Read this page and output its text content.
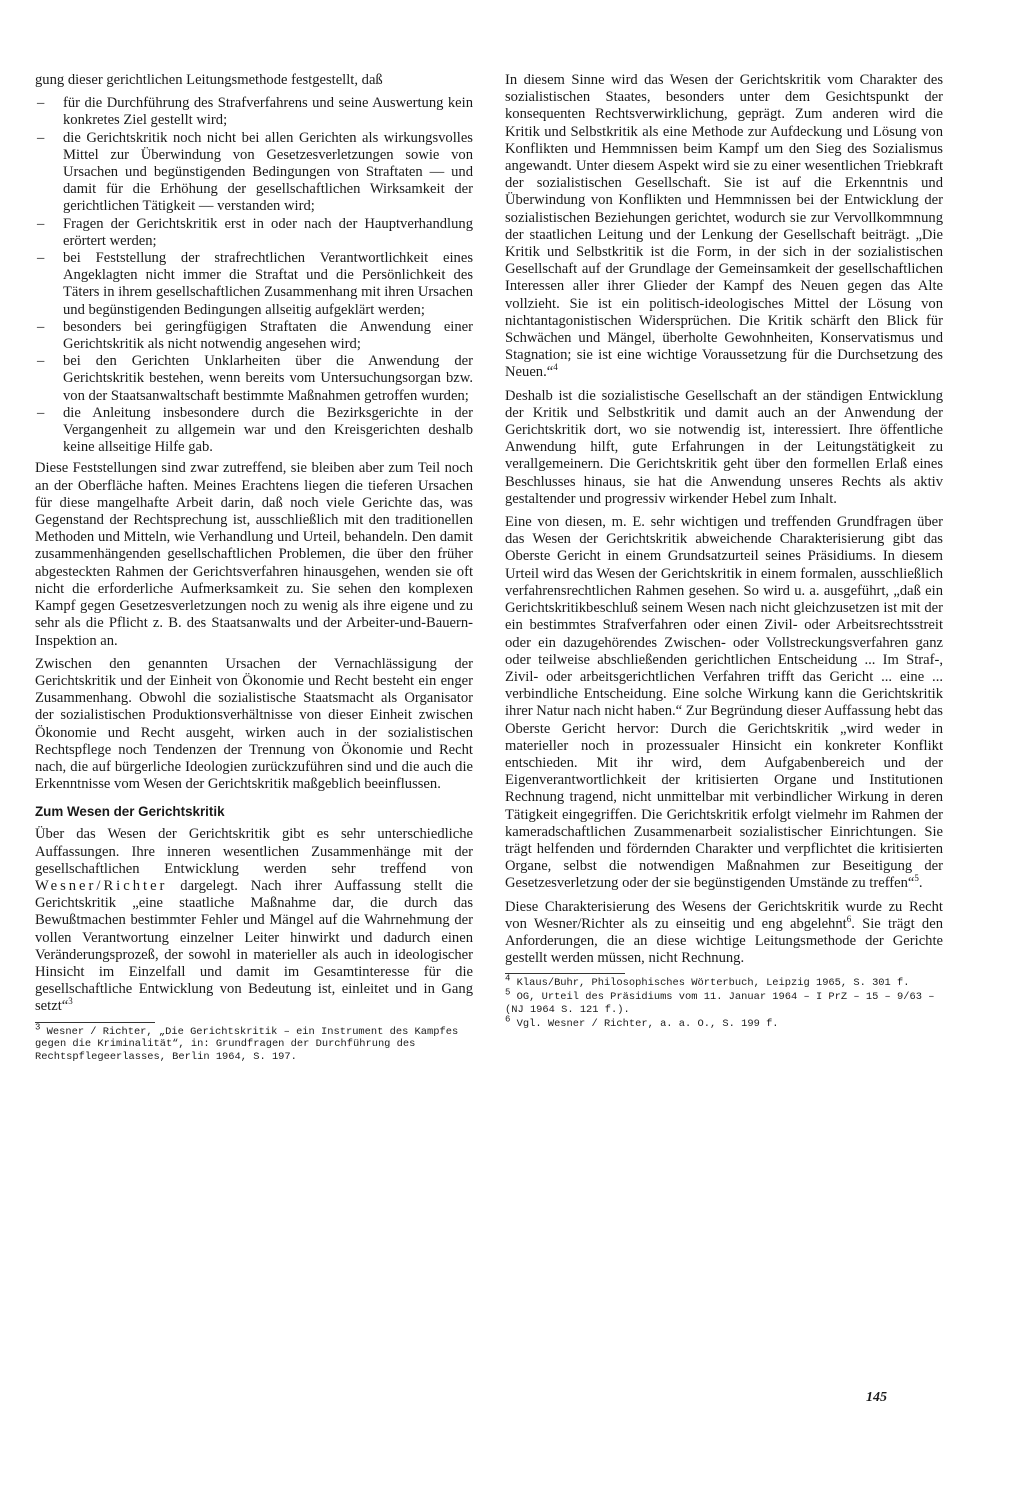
gung dieser gerichtlichen Leitungsmethode festgestellt, daß

– für die Durchführung des Strafverfahrens und seine Auswertung kein konkretes Ziel gestellt wird;
– die Gerichtskritik noch nicht bei allen Gerichten als wirkungsvolles Mittel zur Überwindung von Gesetzesverletzungen sowie von Ursachen und begünstigenden Bedingungen von Straftaten — und damit für die Erhöhung der gesellschaftlichen Wirksamkeit der gerichtlichen Tätigkeit — verstanden wird;
– Fragen der Gerichtskritik erst in oder nach der Hauptverhandlung erörtert werden;
– bei Feststellung der strafrechtlichen Verantwortlichkeit eines Angeklagten nicht immer die Straftat und die Persönlichkeit des Täters in ihrem gesellschaftlichen Zusammenhang mit ihren Ursachen und begünstigenden Bedingungen allseitig aufgeklärt werden;
– besonders bei geringfügigen Straftaten die Anwendung einer Gerichtskritik als nicht notwendig angesehen wird;
– bei den Gerichten Unklarheiten über die Anwendung der Gerichtskritik bestehen, wenn bereits vom Untersuchungsorgan bzw. von der Staatsanwaltschaft bestimmte Maßnahmen getroffen wurden;
– die Anleitung insbesondere durch die Bezirksgerichte in der Vergangenheit zu allgemein war und den Kreisgerichten deshalb keine allseitige Hilfe gab.

Diese Feststellungen sind zwar zutreffend, sie bleiben aber zum Teil noch an der Oberfläche haften. Meines Erachtens liegen die tieferen Ursachen für diese mangelhafte Arbeit darin, daß noch viele Gerichte das, was Gegenstand der Rechtsprechung ist, ausschließlich mit den traditionellen Methoden und Mitteln, wie Verhandlung und Urteil, behandeln. Den damit zusammenhängenden gesellschaftlichen Problemen, die über den früher abgesteckten Rahmen der Gerichtsverfahren hinausgehen, wenden sie oft nicht die erforderliche Aufmerksamkeit zu. Sie sehen den komplexen Kampf gegen Gesetzesverletzungen noch zu wenig als ihre eigene und zu sehr als die Pflicht z. B. des Staatsanwalts und der Arbeiter-und-Bauern-Inspektion an.

Zwischen den genannten Ursachen der Vernachlässigung der Gerichtskritik und der Einheit von Ökonomie und Recht besteht ein enger Zusammenhang. Obwohl die sozialistische Staatsmacht als Organisator der sozialistischen Produktionsverhältnisse von dieser Einheit zwischen Ökonomie und Recht ausgeht, wirken auch in der sozialistischen Rechtspflege noch Tendenzen der Trennung von Ökonomie und Recht nach, die auf bürgerliche Ideologien zurückzuführen sind und die auch die Erkenntnisse vom Wesen der Gerichtskritik maßgeblich beeinflussen.

Zum Wesen der Gerichtskritik

Über das Wesen der Gerichtskritik gibt es sehr unterschiedliche Auffassungen. Ihre inneren wesentlichen Zusammenhänge mit der gesellschaftlichen Entwicklung werden sehr treffend von Wesner/Richter dargelegt. Nach ihrer Auffassung stellt die Gerichtskritik „eine staatliche Maßnahme dar, die durch das Bewußtmachen bestimmter Fehler und Mängel auf die Wahrnehmung der vollen Verantwortung einzelner Leiter hinwirkt und dadurch einen Veränderungsprozeß, der sowohl in materieller als auch in ideologischer Hinsicht im Einzelfall und damit im Gesamtinteresse für die gesellschaftliche Entwicklung von Bedeutung ist, einleitet und in Gang setzt“$^3$

$^3$ Wesner / Richter, „Die Gerichtskritik – ein Instrument des Kampfes gegen die Kriminalität“, in: Grundfragen der Durchführung des Rechtspflegeerlasses, Berlin 1964, S. 197.

In diesem Sinne wird das Wesen der Gerichtskritik vom Charakter des sozialistischen Staates, besonders unter dem Gesichtspunkt der konsequenten Rechtsverwirklichung, geprägt. Zum anderen wird die Kritik und Selbstkritik als eine Methode zur Aufdeckung und Lösung von Konflikten und Hemmnissen beim Kampf um den Sieg des Sozialismus angewandt. Unter diesem Aspekt wird sie zu einer wesentlichen Triebkraft der sozialistischen Gesellschaft. Sie ist auf die Erkenntnis und Überwindung von Konflikten und Hemmnissen bei der Entwicklung der sozialistischen Beziehungen gerichtet, wodurch sie zur Vervollkommnung der staatlichen Leitung und der Lenkung der Gesellschaft beiträgt. „Die Kritik und Selbstkritik ist die Form, in der sich in der sozialistischen Gesellschaft auf der Grundlage der Gemeinsamkeit der gesellschaftlichen Interessen aller ihrer Glieder der Kampf des Neuen gegen das Alte vollzieht. Sie ist ein politisch-ideologisches Mittel der Lösung von nichtantagonistischen Widersprüchen. Die Kritik schärft den Blick für Schwächen und Mängel, überholte Gewohnheiten, Konservatismus und Stagnation; sie ist eine wichtige Voraussetzung für die Durchsetzung des Neuen.“$^4$

Deshalb ist die sozialistische Gesellschaft an der ständigen Entwicklung der Kritik und Selbstkritik und damit auch an der Anwendung der Gerichtskritik dort, wo sie notwendig ist, interessiert. Ihre öffentliche Anwendung hilft, gute Erfahrungen in der Leitungstätigkeit zu verallgemeinern. Die Gerichtskritik geht über den formellen Erlaß eines Beschlusses hinaus, sie hat die Anwendung unseres Rechts als aktiv gestaltender und progressiv wirkender Hebel zum Inhalt.

Eine von diesen, m. E. sehr wichtigen und treffenden Grundfragen über das Wesen der Gerichtskritik abweichende Charakterisierung gibt das Oberste Gericht in einem Grundsatzurteil seines Präsidiums. In diesem Urteil wird das Wesen der Gerichtskritik in einem formalen, ausschließlich verfahrensrechtlichen Rahmen gesehen. So wird u. a. ausgeführt, „daß ein Gerichtskritikbeschluß seinem Wesen nach nicht gleichzusetzen ist mit der ein bestimmtes Strafverfahren oder einen Zivil- oder Arbeitsrechtsstreit oder ein dazugehörendes Zwischen- oder Vollstreckungsverfahren ganz oder teilweise abschließenden gerichtlichen Entscheidung ... Im Straf-, Zivil- oder arbeitsgerichtlichen Verfahren trifft das Gericht ... eine ... verbindliche Entscheidung. Eine solche Wirkung kann die Gerichtskritik ihrer Natur nach nicht haben.“ Zur Begründung dieser Auffassung hebt das Oberste Gericht hervor: Durch die Gerichtskritik „wird weder in materieller noch in prozessualer Hinsicht ein konkreter Konflikt entschieden. Mit ihr wird, dem Aufgabenbereich und der Eigenverantwortlichkeit der kritisierten Organe und Institutionen Rechnung tragend, nicht unmittelbar mit verbindlicher Wirkung in deren Tätigkeit eingegriffen. Die Gerichtskritik erfolgt vielmehr im Rahmen der kameradschaftlichen Zusammenarbeit sozialistischer Einrichtungen. Sie trägt helfenden und fördernden Charakter und verpflichtet die kritisierten Organe, selbst die notwendigen Maßnahmen zur Beseitigung der Gesetzesverletzung oder der sie begünstigenden Umstände zu treffen“$^5$.

Diese Charakterisierung des Wesens der Gerichtskritik wurde zu Recht von Wesner/Richter als zu einseitig und eng abgelehnt$^6$. Sie trägt den Anforderungen, die an diese wichtige Leitungsmethode der Gerichte gestellt werden müssen, nicht Rechnung.

$^4$ Klaus/Buhr, Philosophisches Wörterbuch, Leipzig 1965, S. 301 f.

$^5$ OG, Urteil des Präsidiums vom 11. Januar 1964 – I PrZ – 15 – 9/63 – (NJ 1964 S. 121 f.).

$^6$ Vgl. Wesner / Richter, a. a. O., S. 199 f.

145
